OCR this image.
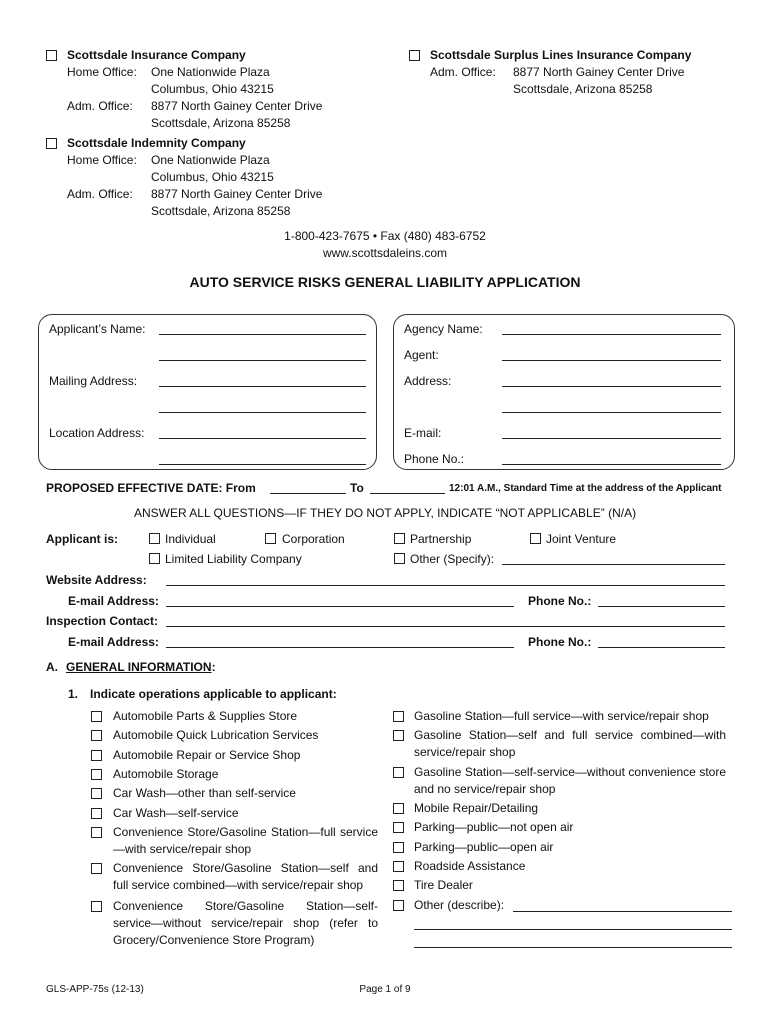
Scottsdale Insurance Company
Home Office: One Nationwide Plaza
Columbus, Ohio 43215
Adm. Office: 8877 North Gainey Center Drive
Scottsdale, Arizona 85258
Scottsdale Indemnity Company
Home Office: One Nationwide Plaza
Columbus, Ohio 43215
Adm. Office: 8877 North Gainey Center Drive
Scottsdale, Arizona 85258
Scottsdale Surplus Lines Insurance Company
Adm. Office: 8877 North Gainey Center Drive
Scottsdale, Arizona 85258
1-800-423-7675 • Fax (480) 483-6752
www.scottsdaleins.com
AUTO SERVICE RISKS GENERAL LIABILITY APPLICATION
Applicant’s Name:
Mailing Address:
Location Address:
Agency Name:
Agent:
Address:
E-mail:
Phone No.:
PROPOSED EFFECTIVE DATE: From	To	12:01 A.M., Standard Time at the address of the Applicant
ANSWER ALL QUESTIONS—IF THEY DO NOT APPLY, INDICATE “NOT APPLICABLE” (N/A)
Applicant is:	Individual	Corporation	Partnership	Joint Venture
Limited Liability Company	Other (Specify):
Website Address:
E-mail Address:	Phone No.:
Inspection Contact:
E-mail Address:	Phone No.:
A. GENERAL INFORMATION:
1. Indicate operations applicable to applicant:
Automobile Parts & Supplies Store
Automobile Quick Lubrication Services
Automobile Repair or Service Shop
Automobile Storage
Car Wash—other than self-service
Car Wash—self-service
Convenience Store/Gasoline Station—full service—with service/repair shop
Convenience Store/Gasoline Station—self and full service combined—with service/repair shop
Convenience Store/Gasoline Station—self-service—without service/repair shop (refer to Grocery/Convenience Store Program)
Gasoline Station—full service—with service/repair shop
Gasoline Station—self and full service combined—with service/repair shop
Gasoline Station—self-service—without convenience store and no service/repair shop
Mobile Repair/Detailing
Parking—public—not open air
Parking—public—open air
Roadside Assistance
Tire Dealer
Other (describe):
GLS-APP-75s (12-13)	Page 1 of 9
